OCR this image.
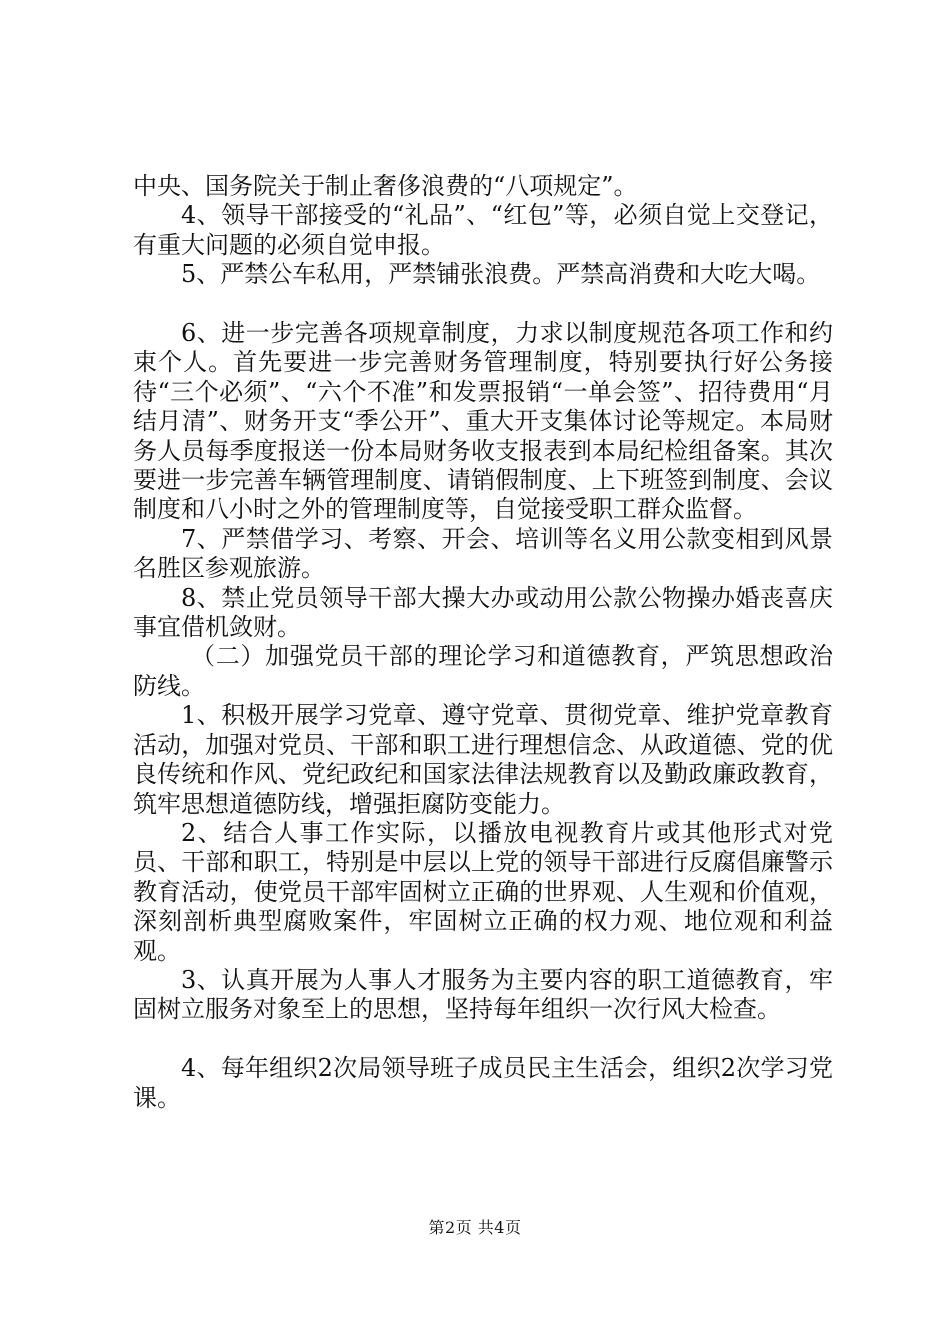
中央、国务院关于制止奢侈浪费的“八项规定”。

4、领导干部接受的“礼品”、“红包”等，必须自觉上交登记，有重大问题的必须自觉申报。

5、严禁公车私用，严禁铺张浪费。严禁高消费和大吃大喝。

6、进一步完善各项规章制度，力求以制度规范各项工作和约束个人。首先要进一步完善财务管理制度，特别要执行好公务接待“三个必须”、“六个不准”和发票报销“一单会签”、招待费用“月结月清”、财务开支“季公开”、重大开支集体讨论等规定。本局财务人员每季度报送一份本局财务收支报表到本局纪检组备案。其次要进一步完善车辆管理制度、请销假制度、上下班签到制度、会议制度和八小时之外的管理制度等，自觉接受职工群众监督。

7、严禁借学习、考察、开会、培训等名义用公款变相到风景名胜区参观旅游。

8、禁止党员领导干部大操大办或动用公款公物操办婚丧喜庆事宜借机敛财。

（二）加强党员干部的理论学习和道德教育，严筑思想政治防线。

1、积极开展学习党章、遵守党章、贯彻党章、维护党章教育活动，加强对党员、干部和职工进行理想信念、从政道德、党的优良传统和作风、党纪政纪和国家法律法规教育以及勤政廉政教育，筑牢思想道德防线，增强拒腐防变能力。

2、结合人事工作实际，以播放电视教育片或其他形式对党员、干部和职工，特别是中层以上党的领导干部进行反腐倡廉警示教育活动，使党员干部牢固树立正确的世界观、人生观和价值观，深刻剖析典型腐败案件，牢固树立正确的权力观、地位观和利益观。

3、认真开展为人事人才服务为主要内容的职工道德教育，牢固树立服务对象至上的思想，坚持每年组织一次行风大检查。

4、每年组织2次局领导班子成员民主生活会，组织2次学习党课。

第2页 共4页
